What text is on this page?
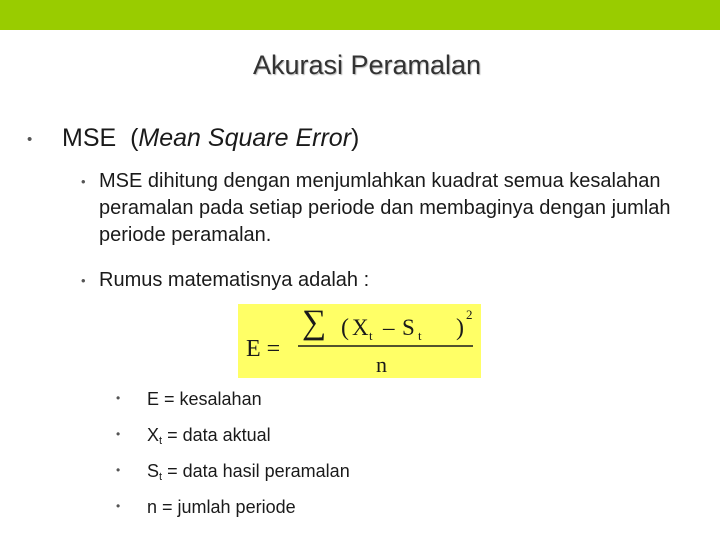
Akurasi Peramalan
• MSE (Mean Square Error)
• MSE dihitung dengan menjumlahkan kuadrat semua kesalahan peramalan pada setiap periode dan membaginya dengan jumlah periode peramalan.
• Rumus matematisnya adalah :
E =
∑ ( X t – S t )
2
n
• E = kesalahan
• $X_t$ = data aktual
• $S_t$ = data hasil peramalan
• n = jumlah periode
